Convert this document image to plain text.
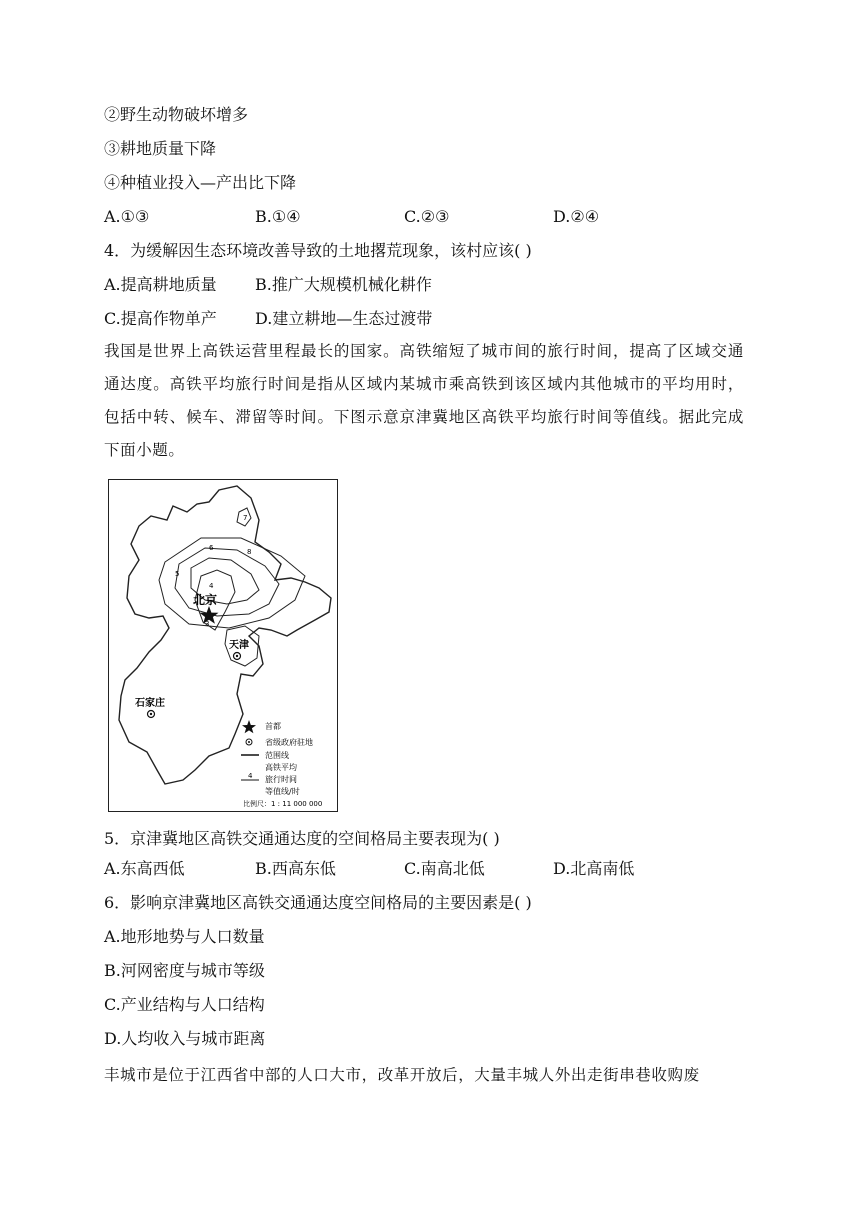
②野生动物破坏增多
③耕地质量下降
④种植业投入—产出比下降
A.①③	B.①④	C.②③	D.②④
4．为缓解因生态环境改善导致的土地撂荒现象，该村应该( )
A.提高耕地质量 B.推广大规模机械化耕作
C.提高作物单产 D.建立耕地—生态过渡带
我国是世界上高铁运营里程最长的国家。高铁缩短了城市间的旅行时间，提高了区域交通通达度。高铁平均旅行时间是指从区域内某城市乘高铁到该区域内其他城市的平均用时，包括中转、候车、滞留等时间。下图示意京津冀地区高铁平均旅行时间等值线。据此完成下面小题。
北京
天津
石家庄
3
4
5
6
7
8
首都
省级政府驻地
范围线
4
高铁平均
旅行时间
等值线/时
比例尺：1 : 11 000 000
5．京津冀地区高铁交通通达度的空间格局主要表现为( )
A.东高西低	B.西高东低	C.南高北低	D.北高南低
6．影响京津冀地区高铁交通通达度空间格局的主要因素是( )
A.地形地势与人口数量
B.河网密度与城市等级
C.产业结构与人口结构
D.人均收入与城市距离
丰城市是位于江西省中部的人口大市，改革开放后，大量丰城人外出走街串巷收购废
